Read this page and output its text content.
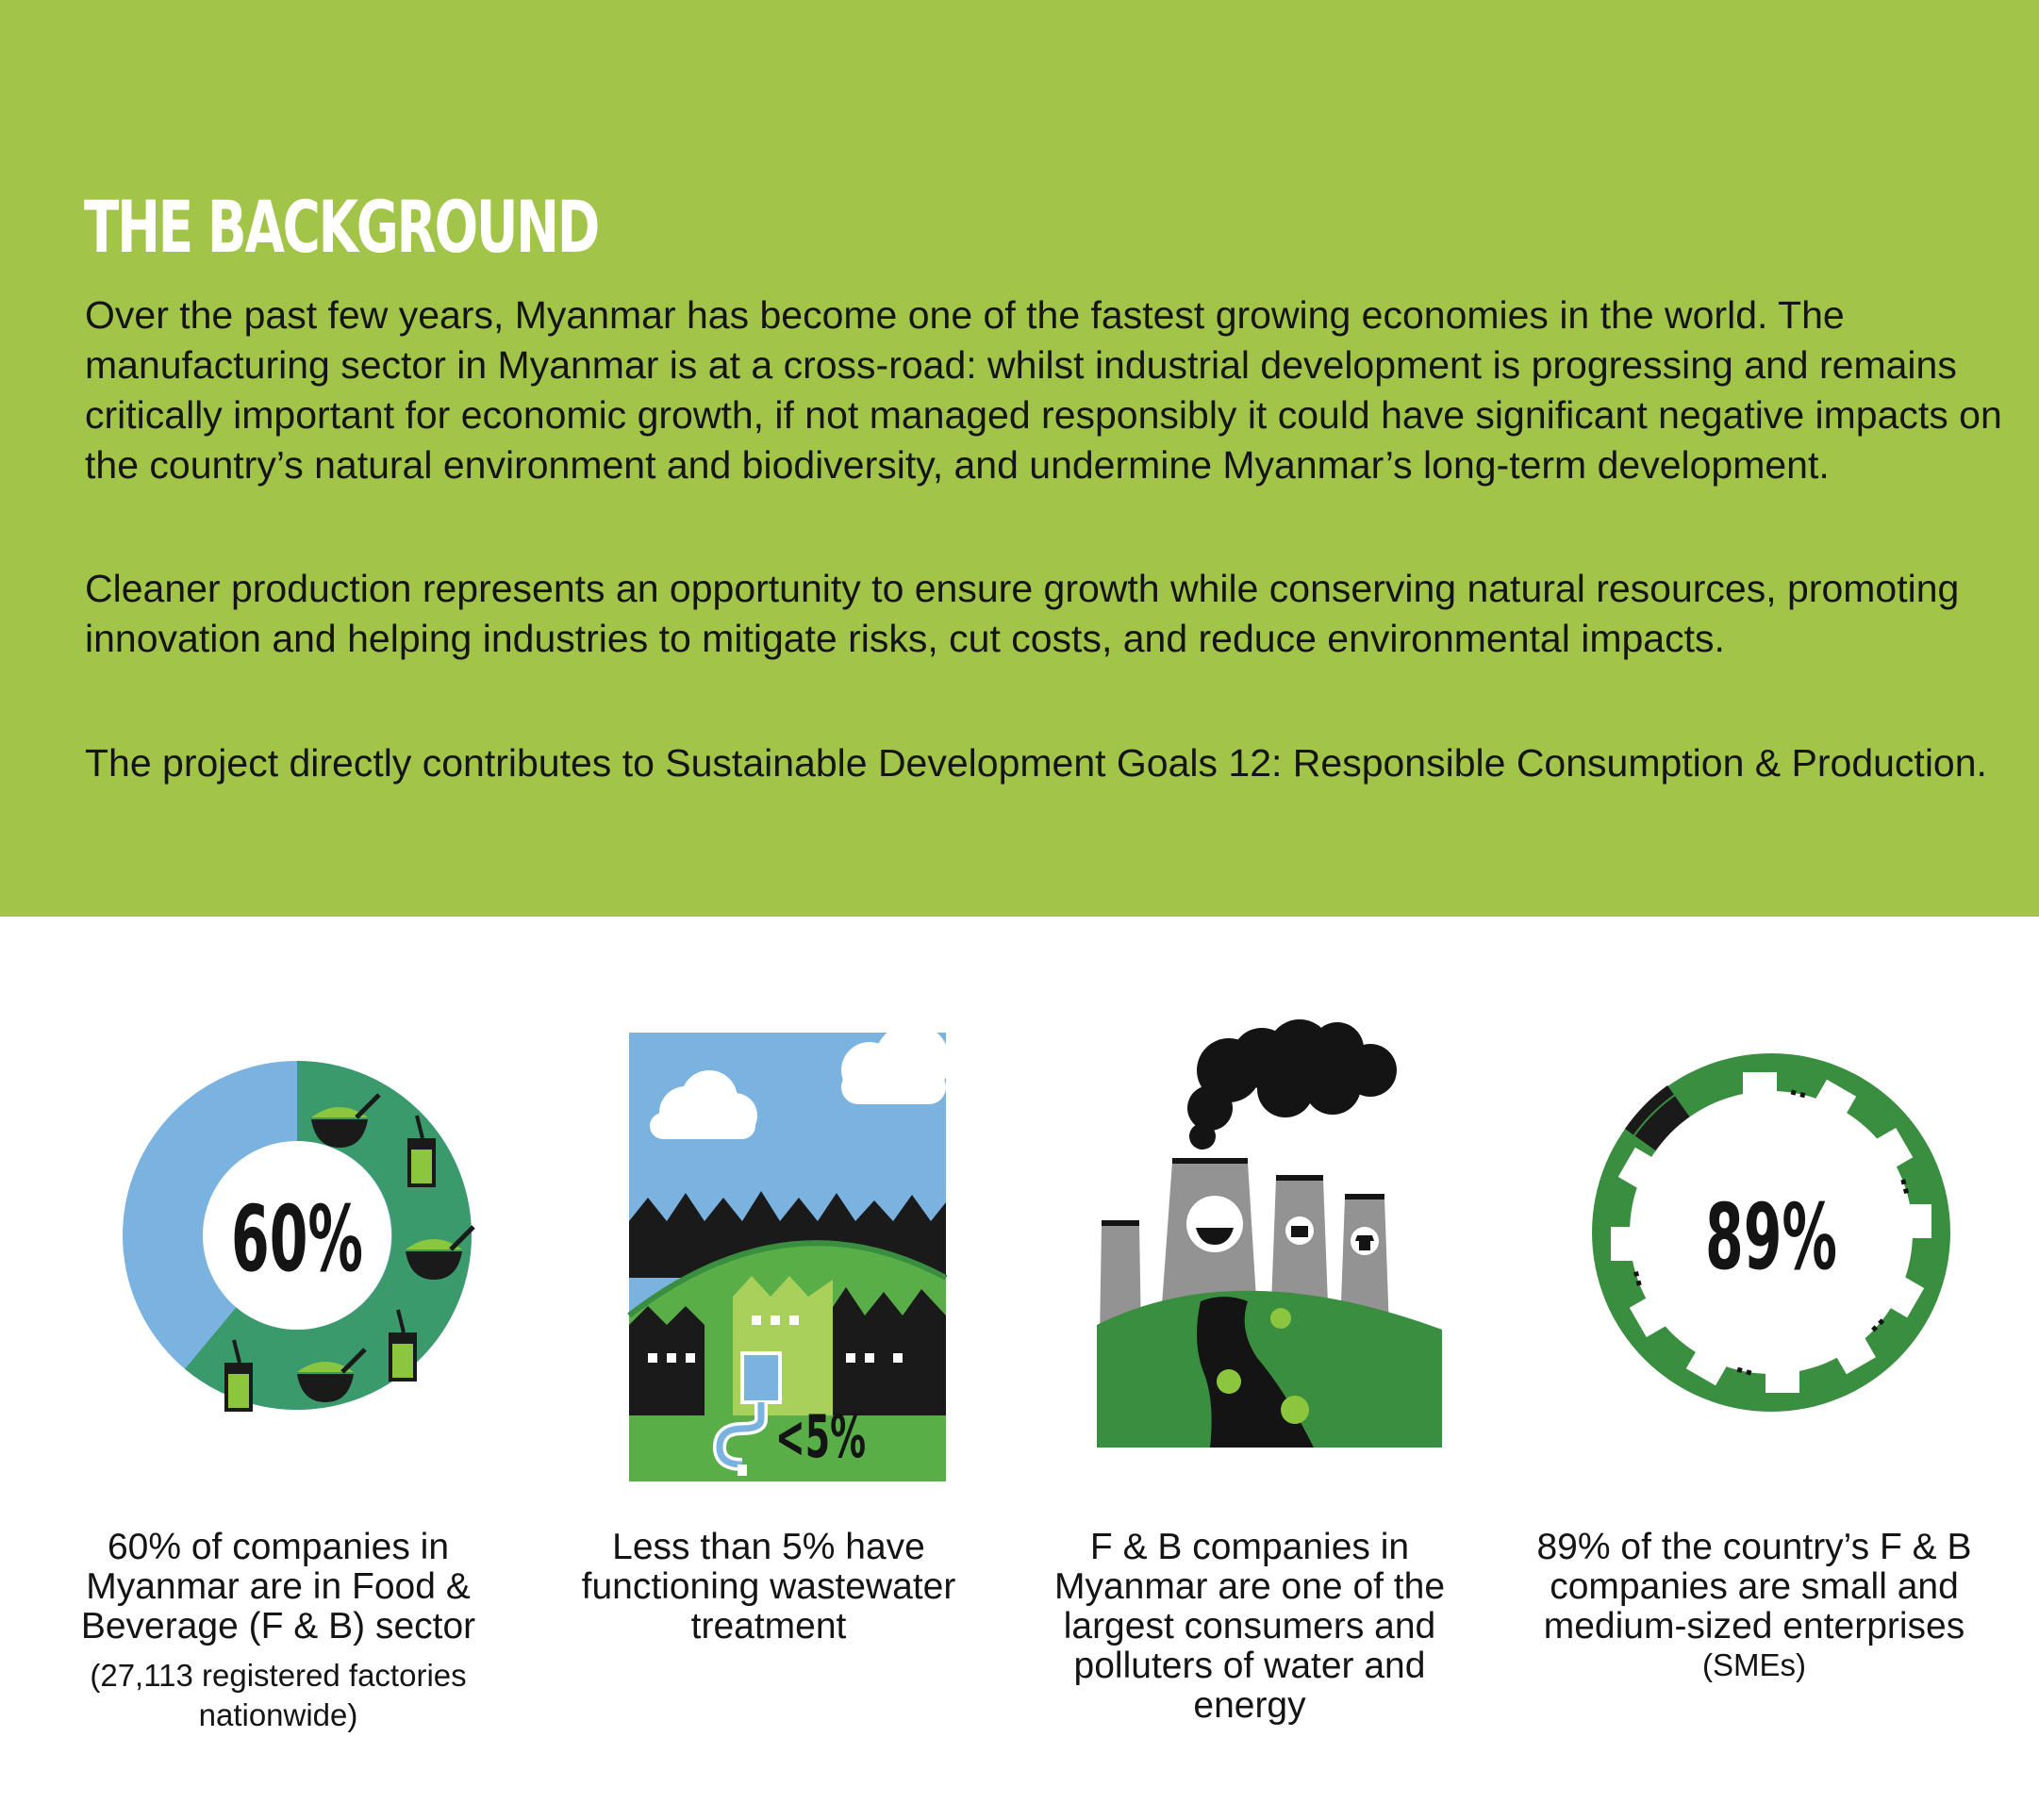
THE BACKGROUND

Over the past few years, Myanmar has become one of the fastest growing economies in the world. The manufacturing sector in Myanmar is at a cross-road: whilst industrial development is progressing and remains critically important for economic growth, if not managed responsibly it could have significant negative impacts on the country’s natural environment and biodiversity, and undermine Myanmar’s long-term development.

Cleaner production represents an opportunity to ensure growth while conserving natural resources, promoting innovation and helping industries to mitigate risks, cut costs, and reduce environmental impacts.

The project directly contributes to Sustainable Development Goals 12: Responsible Consumption & Production.

60%
<5%
89%
60% of companies in Myanmar are in Food & Beverage (F & B) sector
(27,113 registered factories nationwide)
Less than 5% have functioning wastewater treatment
F & B companies in Myanmar are one of the largest consumers and polluters of water and energy
89% of the country’s F & B companies are small and medium-sized enterprises
(SMEs)
